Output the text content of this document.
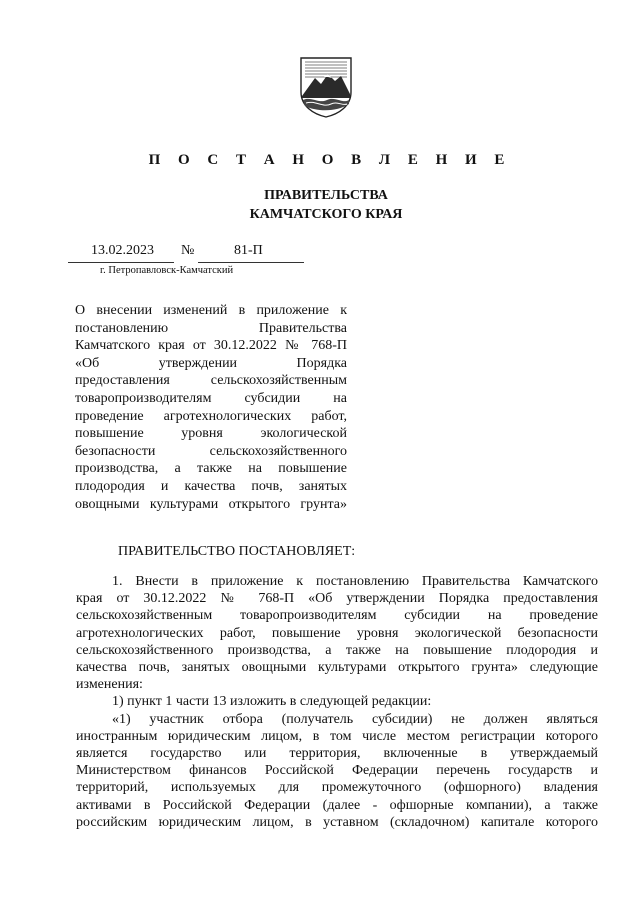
П О С Т А Н О В Л Е Н И Е
ПРАВИТЕЛЬСТВА
КАМЧАТСКОГО КРАЯ
13.02.2023 №	81-П
г. Петропавловск-Камчатский
О внесении изменений в приложение к
постановлению Правительства
Камчатского края от 30.12.2022 № 768-П
«Об утверждении Порядка
предоставления сельскохозяйственным
товаропроизводителям субсидии на
проведение агротехнологических работ,
повышение уровня экологической
безопасности сельскохозяйственного
производства, а также на повышение
плодородия и качества почв, занятых
овощными культурами открытого грунта»
ПРАВИТЕЛЬСТВО ПОСТАНОВЛЯЕТ:
1. Внести в приложение к постановлению Правительства Камчатского
края от 30.12.2022 № 768-П «Об утверждении Порядка предоставления
сельскохозяйственным товаропроизводителям субсидии на проведение
агротехнологических работ, повышение уровня экологической безопасности
сельскохозяйственного производства, а также на повышение плодородия и
качества почв, занятых овощными культурами открытого грунта» следующие
изменения:
1) пункт 1 части 13 изложить в следующей редакции:
«1) участник отбора (получатель субсидии) не должен являться
иностранным юридическим лицом, в том числе местом регистрации которого
является государство или территория, включенные в утверждаемый
Министерством финансов Российской Федерации перечень государств и
территорий, используемых для промежуточного (офшорного) владения
активами в Российской Федерации (далее - офшорные компании), а также
российским юридическим лицом, в уставном (складочном) капитале которого
